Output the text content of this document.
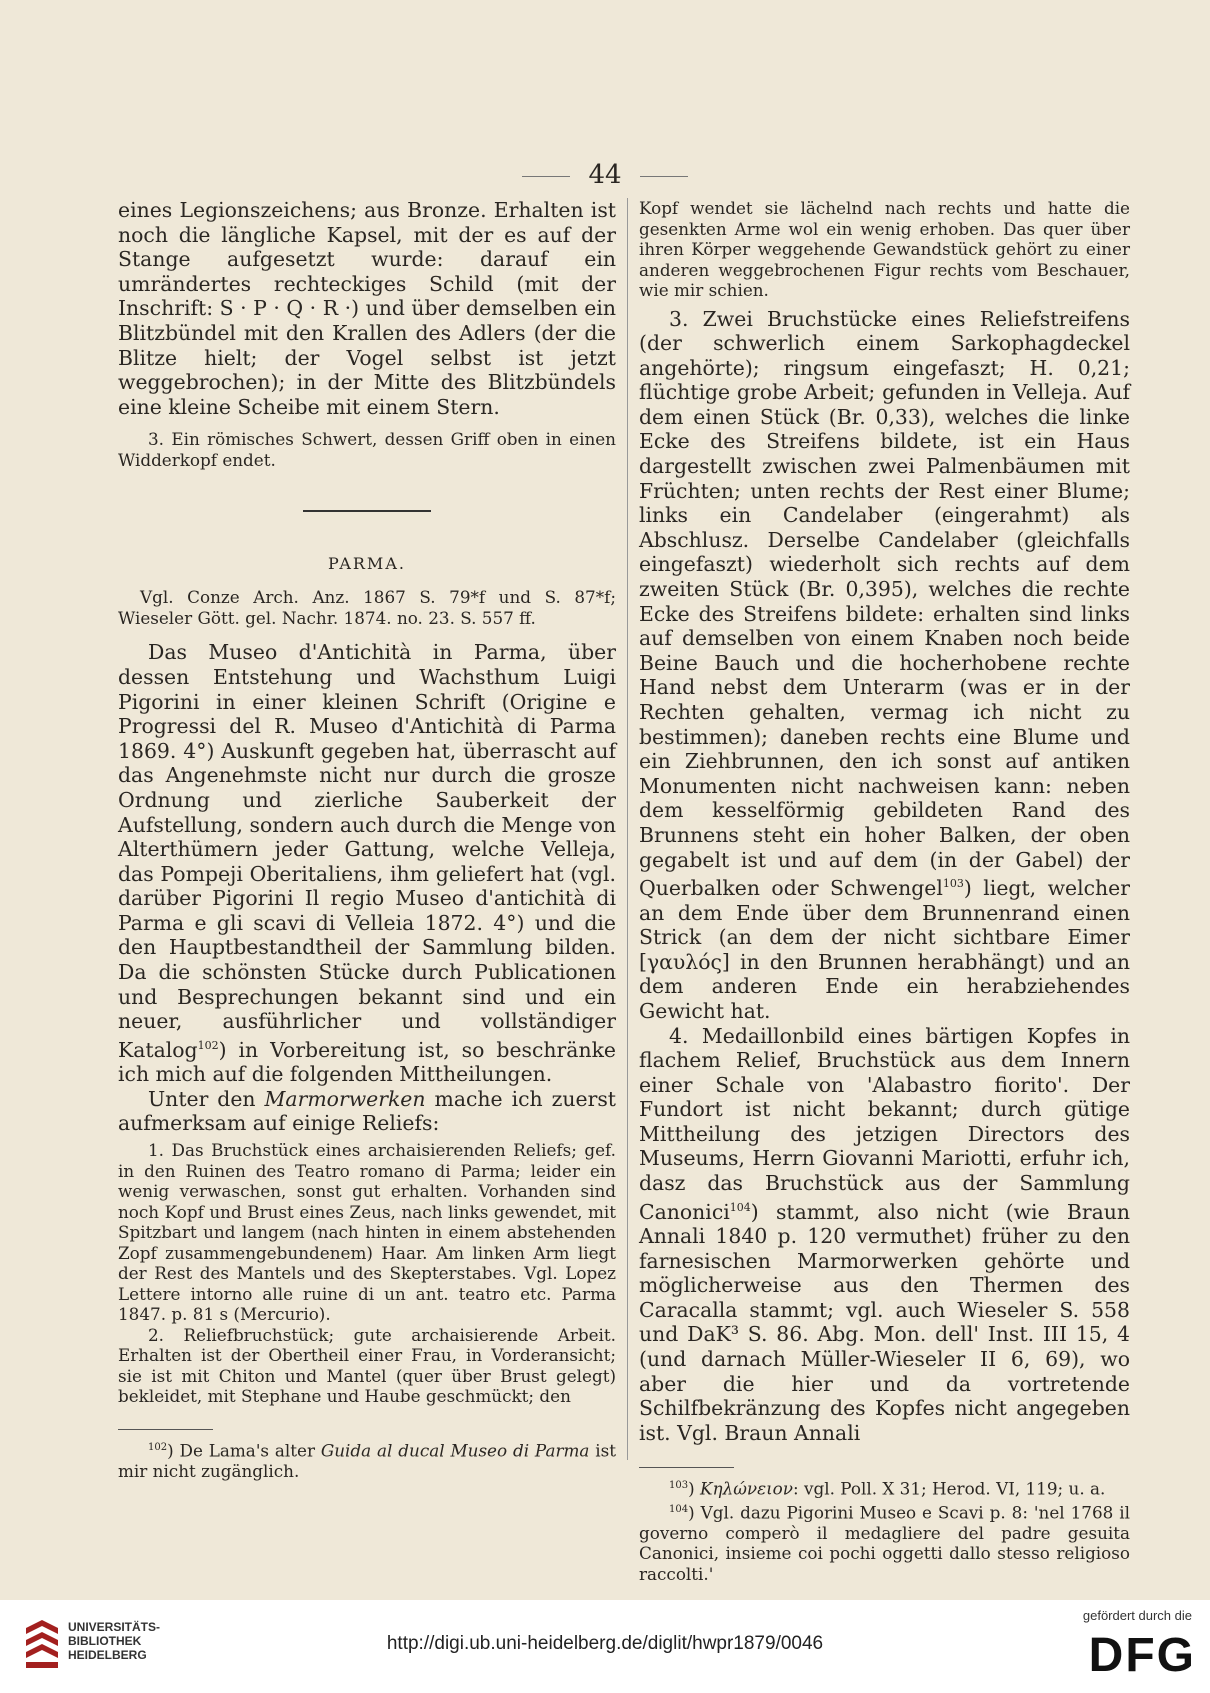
44

eines Legionszeichens; aus Bronze. Erhalten ist noch die längliche Kapsel, mit der es auf der Stange aufgesetzt wurde: darauf ein umrändertes rechteckiges Schild (mit der Inschrift: S · P · Q · R ·) und über demselben ein Blitzbündel mit den Krallen des Adlers (der die Blitze hielt; der Vogel selbst ist jetzt weggebrochen); in der Mitte des Blitzbündels eine kleine Scheibe mit einem Stern.

3. Ein römisches Schwert, dessen Griff oben in einen Widderkopf endet.

PARMA.

Vgl. Conze Arch. Anz. 1867 S. 79*f und S. 87*f; Wieseler Gött. gel. Nachr. 1874. no. 23. S. 557 ff.

Das Museo d'Antichità in Parma, über dessen Entstehung und Wachsthum Luigi Pigorini in einer kleinen Schrift (Origine e Progressi del R. Museo d'Antichità di Parma 1869. 4°) Auskunft gegeben hat, überrascht auf das Angenehmste nicht nur durch die grosze Ordnung und zierliche Sauberkeit der Aufstellung, sondern auch durch die Menge von Alterthümern jeder Gattung, welche Velleja, das Pompeji Oberitaliens, ihm geliefert hat (vgl. darüber Pigorini Il regio Museo d'antichità di Parma e gli scavi di Velleia 1872. 4°) und die den Hauptbestandtheil der Sammlung bilden. Da die schönsten Stücke durch Publicationen und Besprechungen bekannt sind und ein neuer, ausführlicher und vollständiger Katalog$^{102}$) in Vorbereitung ist, so beschränke ich mich auf die folgenden Mittheilungen.

Unter den Marmorwerken mache ich zuerst aufmerksam auf einige Reliefs:

1. Das Bruchstück eines archaisierenden Reliefs; gef. in den Ruinen des Teatro romano di Parma; leider ein wenig verwaschen, sonst gut erhalten. Vorhanden sind noch Kopf und Brust eines Zeus, nach links gewendet, mit Spitzbart und langem (nach hinten in einem abstehenden Zopf zusammengebundenem) Haar. Am linken Arm liegt der Rest des Mantels und des Skepterstabes. Vgl. Lopez Lettere intorno alle ruine di un ant. teatro etc. Parma 1847. p. 81 s (Mercurio).

2. Reliefbruchstück; gute archaisierende Arbeit. Erhalten ist der Obertheil einer Frau, in Vorderansicht; sie ist mit Chiton und Mantel (quer über Brust gelegt) bekleidet, mit Stephane und Haube geschmückt; den

$^{102}$) De Lama's alter Guida al ducal Museo di Parma ist mir nicht zugänglich.

Kopf wendet sie lächelnd nach rechts und hatte die gesenkten Arme wol ein wenig erhoben. Das quer über ihren Körper weggehende Gewandstück gehört zu einer anderen weggebrochenen Figur rechts vom Beschauer, wie mir schien.

3. Zwei Bruchstücke eines Reliefstreifens (der schwerlich einem Sarkophagdeckel angehörte); ringsum eingefaszt; H. 0,21; flüchtige grobe Arbeit; gefunden in Velleja. Auf dem einen Stück (Br. 0,33), welches die linke Ecke des Streifens bildete, ist ein Haus dargestellt zwischen zwei Palmenbäumen mit Früchten; unten rechts der Rest einer Blume; links ein Candelaber (eingerahmt) als Abschlusz. Derselbe Candelaber (gleichfalls eingefaszt) wiederholt sich rechts auf dem zweiten Stück (Br. 0,395), welches die rechte Ecke des Streifens bildete: erhalten sind links auf demselben von einem Knaben noch beide Beine Bauch und die hocherhobene rechte Hand nebst dem Unterarm (was er in der Rechten gehalten, vermag ich nicht zu bestimmen); daneben rechts eine Blume und ein Ziehbrunnen, den ich sonst auf antiken Monumenten nicht nachweisen kann: neben dem kesselförmig gebildeten Rand des Brunnens steht ein hoher Balken, der oben gegabelt ist und auf dem (in der Gabel) der Querbalken oder Schwengel$^{103}$) liegt, welcher an dem Ende über dem Brunnenrand einen Strick (an dem der nicht sichtbare Eimer [γαυλός] in den Brunnen herabhängt) und an dem anderen Ende ein herabziehendes Gewicht hat.

4. Medaillonbild eines bärtigen Kopfes in flachem Relief, Bruchstück aus dem Innern einer Schale von 'Alabastro fiorito'. Der Fundort ist nicht bekannt; durch gütige Mittheilung des jetzigen Directors des Museums, Herrn Giovanni Mariotti, erfuhr ich, dasz das Bruchstück aus der Sammlung Canonici$^{104}$) stammt, also nicht (wie Braun Annali 1840 p. 120 vermuthet) früher zu den farnesischen Marmorwerken gehörte und möglicherweise aus den Thermen des Caracalla stammt; vgl. auch Wieseler S. 558 und DaK³ S. 86. Abg. Mon. dell' Inst. III 15, 4 (und darnach Müller-Wieseler II 6, 69), wo aber die hier und da vortretende Schilfbekränzung des Kopfes nicht angegeben ist. Vgl. Braun Annali

$^{103}$) Κηλώνειον: vgl. Poll. X 31; Herod. VI, 119; u. a.

$^{104}$) Vgl. dazu Pigorini Museo e Scavi p. 8: 'nel 1768 il governo comperò il medagliere del padre gesuita Canonici, insieme coi pochi oggetti dallo stesso religioso raccolti.'

UNIVERSITÄTS-
BIBLIOTHEK
HEIDELBERG
http://digi.ub.uni-heidelberg.de/diglit/hwpr1879/0046
gefördert durch die
DFG
